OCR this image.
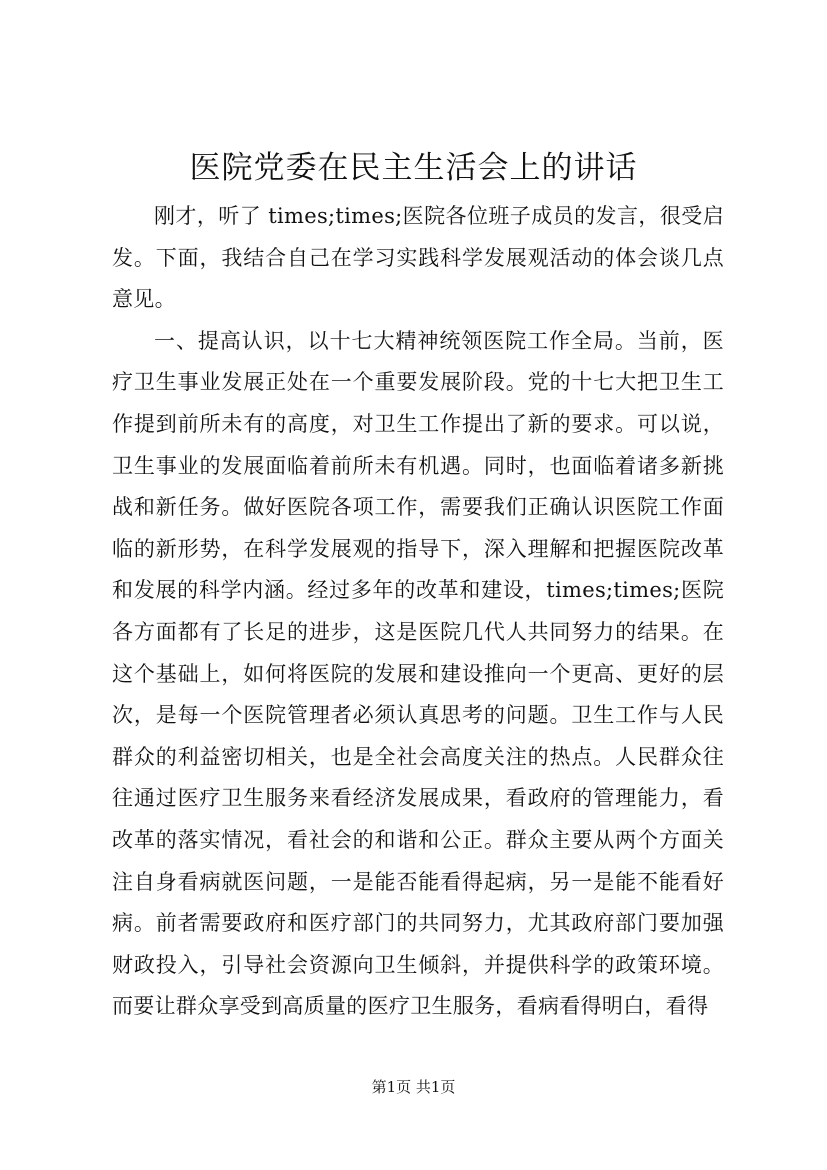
医院党委在民主生活会上的讲话

刚才，听了 times;times;医院各位班子成员的发言，很受启发。下面，我结合自己在学习实践科学发展观活动的体会谈几点意见。

一、提高认识，以十七大精神统领医院工作全局。当前，医疗卫生事业发展正处在一个重要发展阶段。党的十七大把卫生工作提到前所未有的高度，对卫生工作提出了新的要求。可以说，卫生事业的发展面临着前所未有机遇。同时，也面临着诸多新挑战和新任务。做好医院各项工作，需要我们正确认识医院工作面临的新形势，在科学发展观的指导下，深入理解和把握医院改革和发展的科学内涵。经过多年的改革和建设，times;times;医院各方面都有了长足的进步，这是医院几代人共同努力的结果。在这个基础上，如何将医院的发展和建设推向一个更高、更好的层次，是每一个医院管理者必须认真思考的问题。卫生工作与人民群众的利益密切相关，也是全社会高度关注的热点。人民群众往往通过医疗卫生服务来看经济发展成果，看政府的管理能力，看改革的落实情况，看社会的和谐和公正。群众主要从两个方面关注自身看病就医问题，一是能否能看得起病，另一是能不能看好病。前者需要政府和医疗部门的共同努力，尤其政府部门要加强财政投入，引导社会资源向卫生倾斜，并提供科学的政策环境。而要让群众享受到高质量的医疗卫生服务，看病看得明白，看得

第1页 共1页
